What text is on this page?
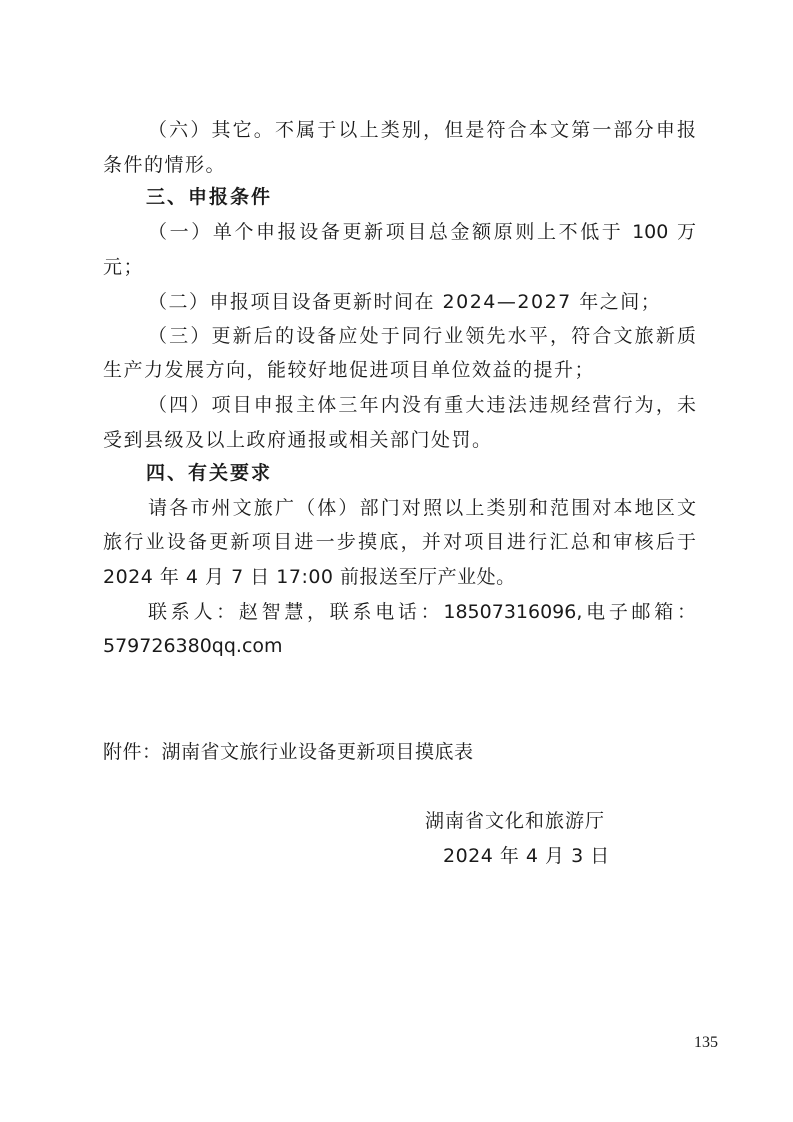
（六）其它。不属于以上类别，但是符合本文第一部分申报
条件的情形。
三、申报条件
（一）单个申报设备更新项目总金额原则上不低于 100 万
元；
（二）申报项目设备更新时间在 2024—2027 年之间；
（三）更新后的设备应处于同行业领先水平，符合文旅新质
生产力发展方向，能较好地促进项目单位效益的提升；
（四）项目申报主体三年内没有重大违法违规经营行为，未
受到县级及以上政府通报或相关部门处罚。
四、有关要求
请各市州文旅广（体）部门对照以上类别和范围对本地区文
旅行业设备更新项目进一步摸底，并对项目进行汇总和审核后于
2024 年 4 月 7 日 17:00 前报送至厅产业处。
联系人：赵智慧，联系电话：18507316096,电子邮箱：
579726380qq.com
附件：湖南省文旅行业设备更新项目摸底表
湖南省文化和旅游厅
2024 年 4 月 3 日
135
